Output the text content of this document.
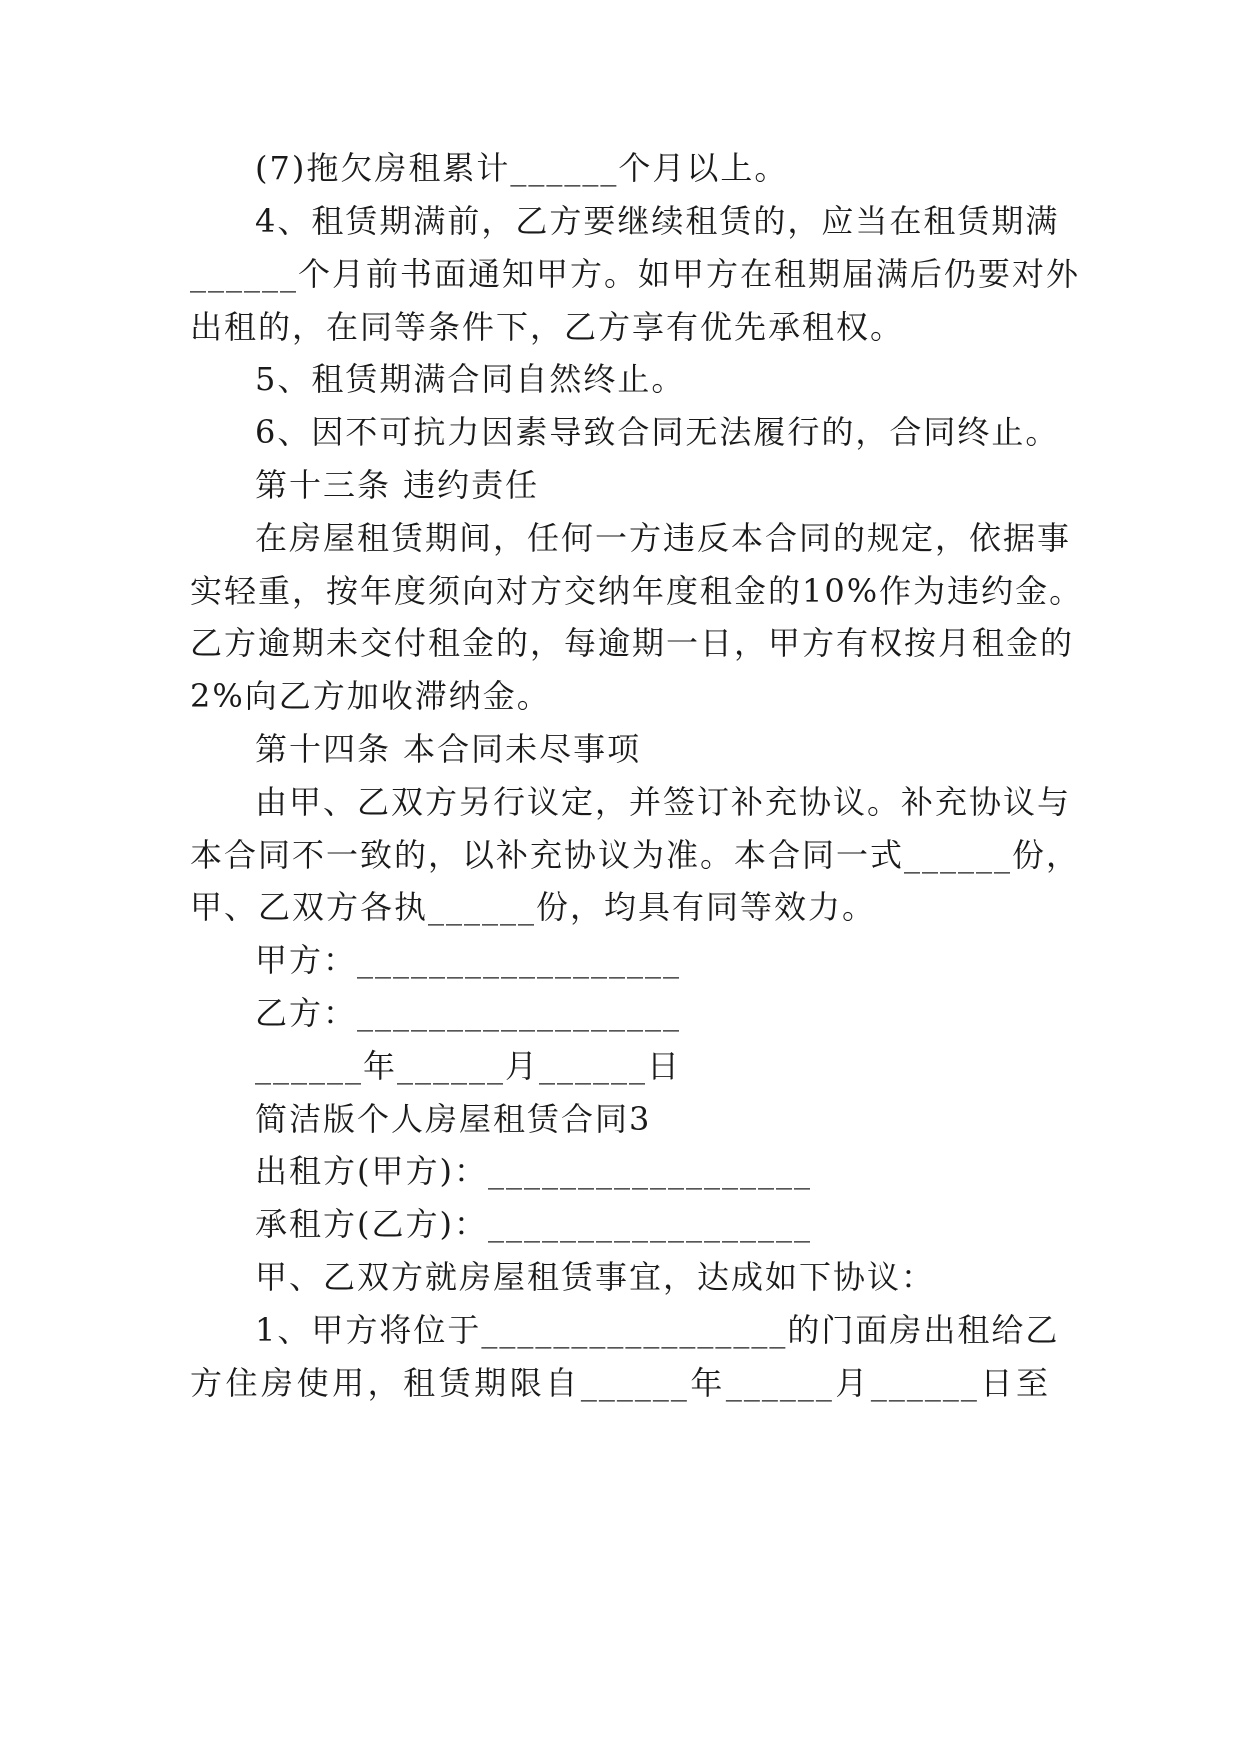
(7)拖欠房租累计______个月以上。
4、租赁期满前，乙方要继续租赁的，应当在租赁期满
______个月前书面通知甲方。如甲方在租期届满后仍要对外
出租的，在同等条件下，乙方享有优先承租权。
5、租赁期满合同自然终止。
6、因不可抗力因素导致合同无法履行的，合同终止。
第十三条 违约责任
在房屋租赁期间，任何一方违反本合同的规定，依据事
实轻重，按年度须向对方交纳年度租金的10%作为违约金。
乙方逾期未交付租金的，每逾期一日，甲方有权按月租金的
2%向乙方加收滞纳金。
第十四条 本合同未尽事项
由甲、乙双方另行议定，并签订补充协议。补充协议与
本合同不一致的，以补充协议为准。本合同一式______份，
甲、乙双方各执______份，均具有同等效力。
甲方：__________________
乙方：__________________
______年______月______日
简洁版个人房屋租赁合同3
出租方(甲方)：__________________
承租方(乙方)：__________________
甲、乙双方就房屋租赁事宜，达成如下协议：
1、甲方将位于_________________的门面房出租给乙
方住房使用，租赁期限自______年______月______日至
